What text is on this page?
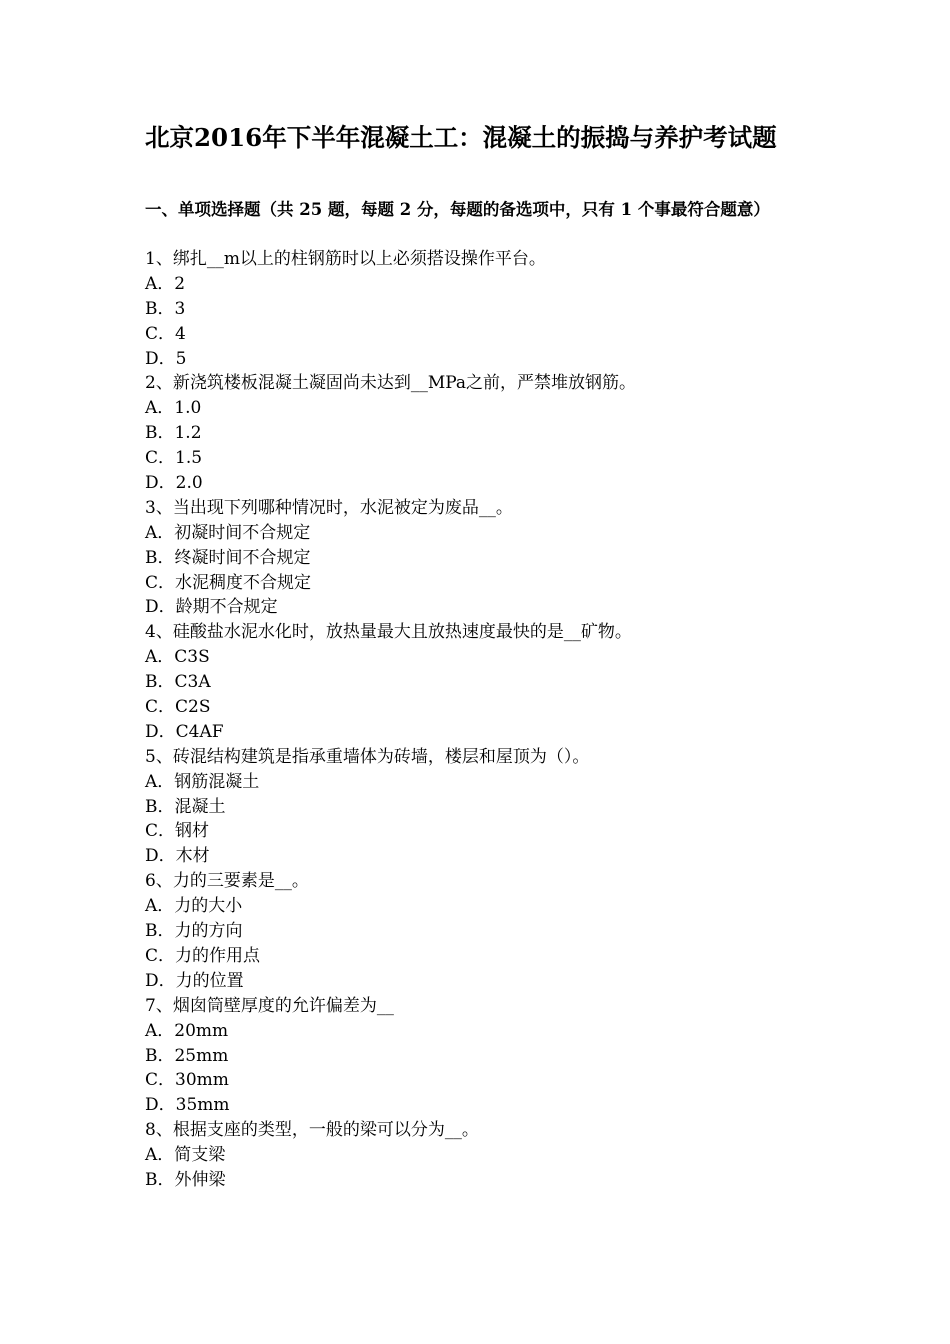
北京2016年下半年混凝土工：混凝土的振捣与养护考试题
一、单项选择题（共 25 题，每题 2 分，每题的备选项中，只有 1 个事最符合题意）
1、绑扎__m以上的柱钢筋时以上必须搭设操作平台。
A．2
B．3
C．4
D．5
2、新浇筑楼板混凝土凝固尚未达到__MPa之前，严禁堆放钢筋。
A．1.0
B．1.2
C．1.5
D．2.0
3、当出现下列哪种情况时，水泥被定为废品__。
A．初凝时间不合规定
B．终凝时间不合规定
C．水泥稠度不合规定
D．龄期不合规定
4、硅酸盐水泥水化时，放热量最大且放热速度最快的是__矿物。
A．C3S
B．C3A
C．C2S
D．C4AF
5、砖混结构建筑是指承重墙体为砖墙，楼层和屋顶为（）。
A．钢筋混凝土
B．混凝土
C．钢材
D．木材
6、力的三要素是__。
A．力的大小
B．力的方向
C．力的作用点
D．力的位置
7、烟囱筒壁厚度的允许偏差为__
A．20mm
B．25mm
C．30mm
D．35mm
8、根据支座的类型，一般的梁可以分为__。
A．简支梁
B．外伸梁
